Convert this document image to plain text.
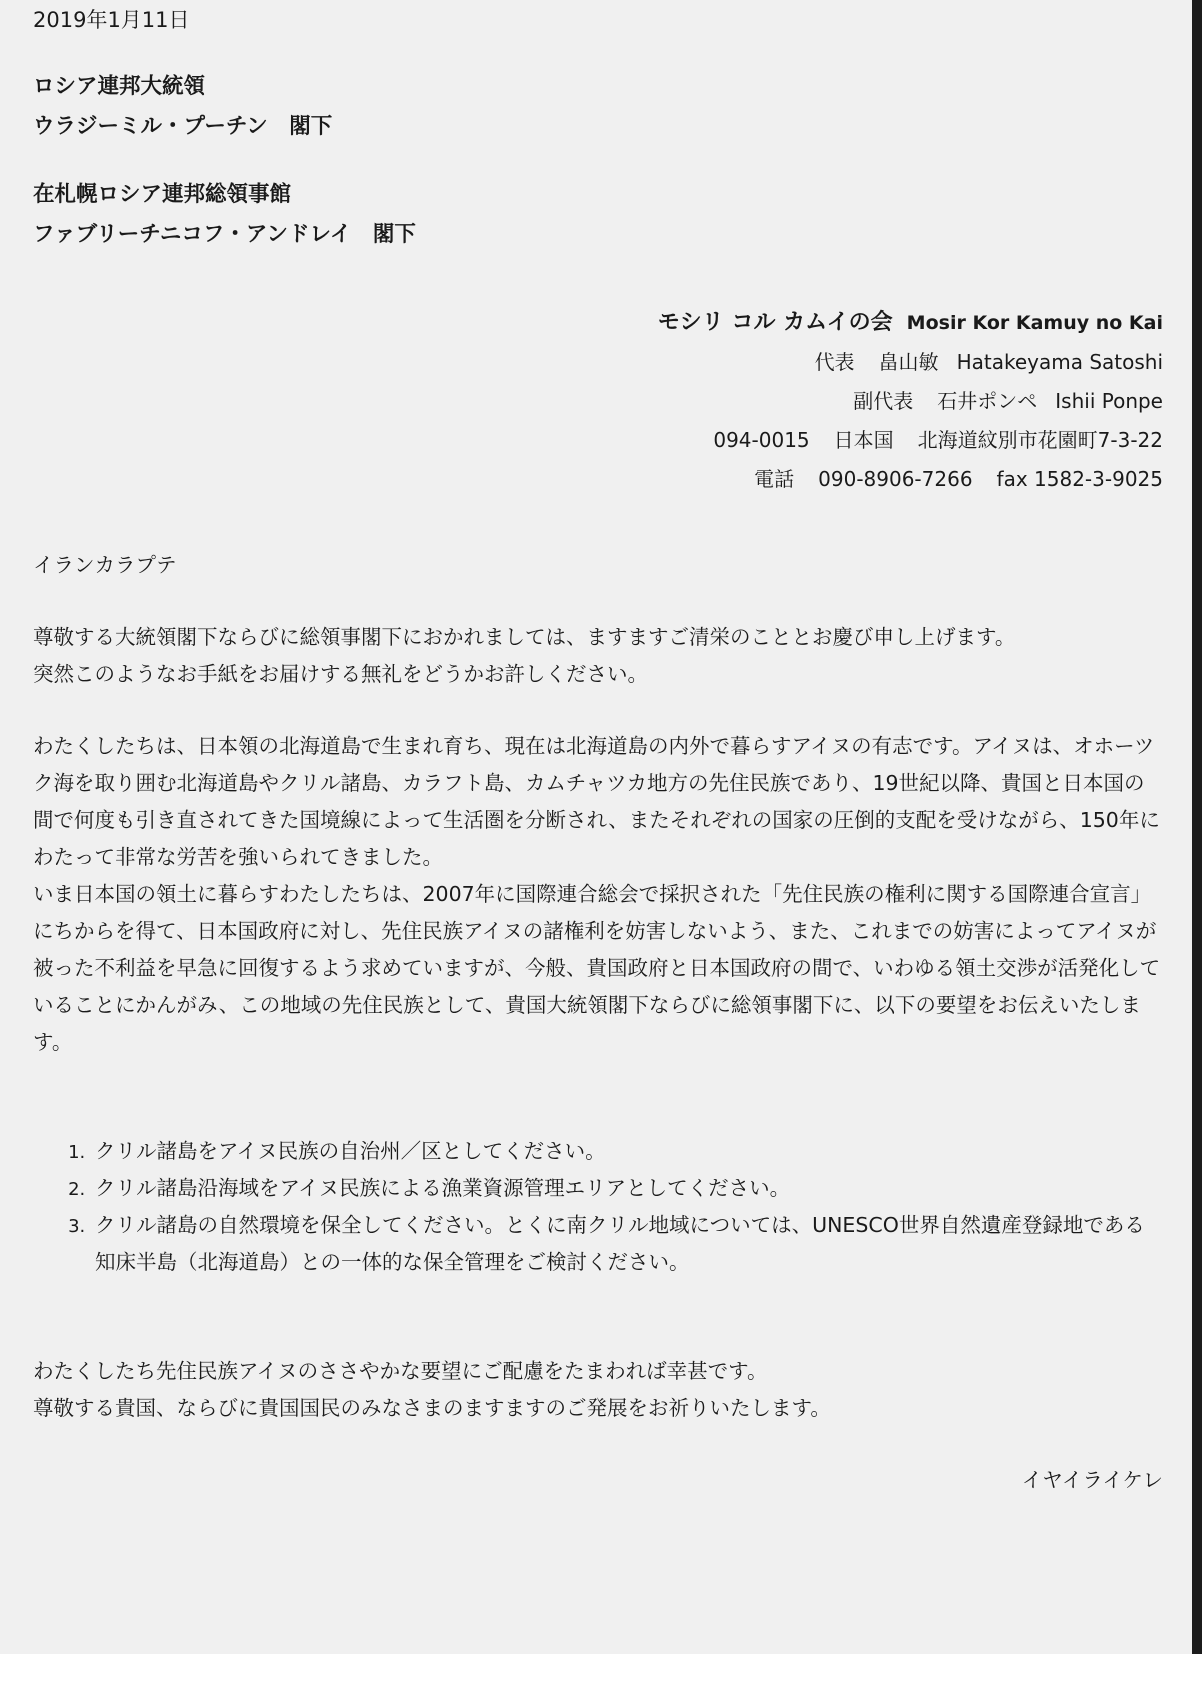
2019年1月11日
ロシア連邦大統領
ウラジーミル・プーチン　閣下
在札幌ロシア連邦総領事館
ファブリーチニコフ・アンドレイ　閣下
モシリ コル カムイの会 Mosir Kor Kamuy no Kai
代表 畠山敏 Hatakeyama Satoshi
副代表 石井ポンペ Ishii Ponpe
094-0015 日本国 北海道紋別市花園町7-3-22
電話 090-8906-7266 fax 1582-3-9025
イランカラプテ

尊敬する大統領閣下ならびに総領事閣下におかれましては、ますますご清栄のこととお慶び申し上げます。

突然このようなお手紙をお届けする無礼をどうかお許しください。

わたくしたちは、日本領の北海道島で生まれ育ち、現在は北海道島の内外で暮らすアイヌの有志です。アイヌは、オホーツク海を取り囲む北海道島やクリル諸島、カラフト島、カムチャツカ地方の先住民族であり、19世紀以降、貴国と日本国の間で何度も引き直されてきた国境線によって生活圏を分断され、またそれぞれの国家の圧倒的支配を受けながら、150年にわたって非常な労苦を強いられてきました。

いま日本国の領土に暮らすわたしたちは、2007年に国際連合総会で採択された「先住民族の権利に関する国際連合宣言」にちからを得て、日本国政府に対し、先住民族アイヌの諸権利を妨害しないよう、また、これまでの妨害によってアイヌが被った不利益を早急に回復するよう求めていますが、今般、貴国政府と日本国政府の間で、いわゆる領土交渉が活発化していることにかんがみ、この地域の先住民族として、貴国大統領閣下ならびに総領事閣下に、以下の要望をお伝えいたします。

1. クリル諸島をアイヌ民族の自治州／区としてください。
2. クリル諸島沿海域をアイヌ民族による漁業資源管理エリアとしてください。
3. クリル諸島の自然環境を保全してください。とくに南クリル地域については、UNESCO世界自然遺産登録地である知床半島（北海道島）との一体的な保全管理をご検討ください。
わたくしたち先住民族アイヌのささやかな要望にご配慮をたまわれば幸甚です。
尊敬する貴国、ならびに貴国国民のみなさまのますますのご発展をお祈りいたします。
イヤイライケレ
